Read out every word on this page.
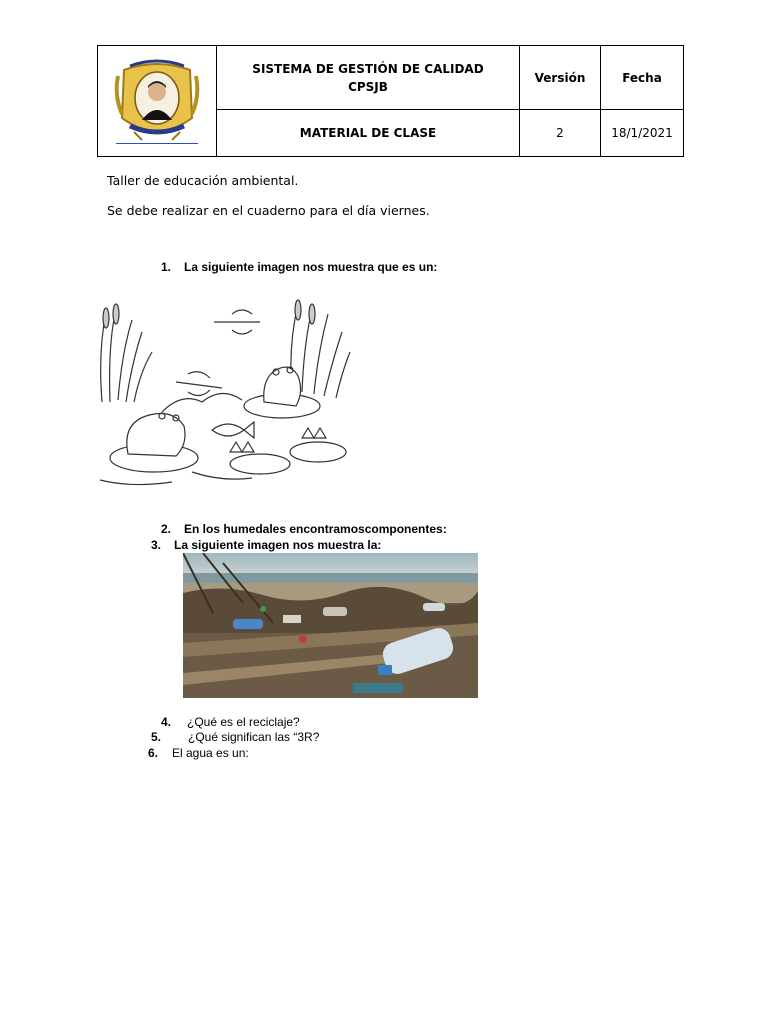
SISTEMA DE GESTIÓN DE CALIDAD
CPSJB	Versión	Fecha
	MATERIAL DE CLASE	2	18/1/2021
Taller de educación ambiental.
Se debe realizar en el cuaderno para el día viernes.
1. La siguiente imagen nos muestra que es un:
2. En los humedales encontramoscomponentes:
3. La siguiente imagen nos muestra la:
4. ¿Qué es el reciclaje?
5. ¿Qué significan las “3R?
6. El agua es un:
